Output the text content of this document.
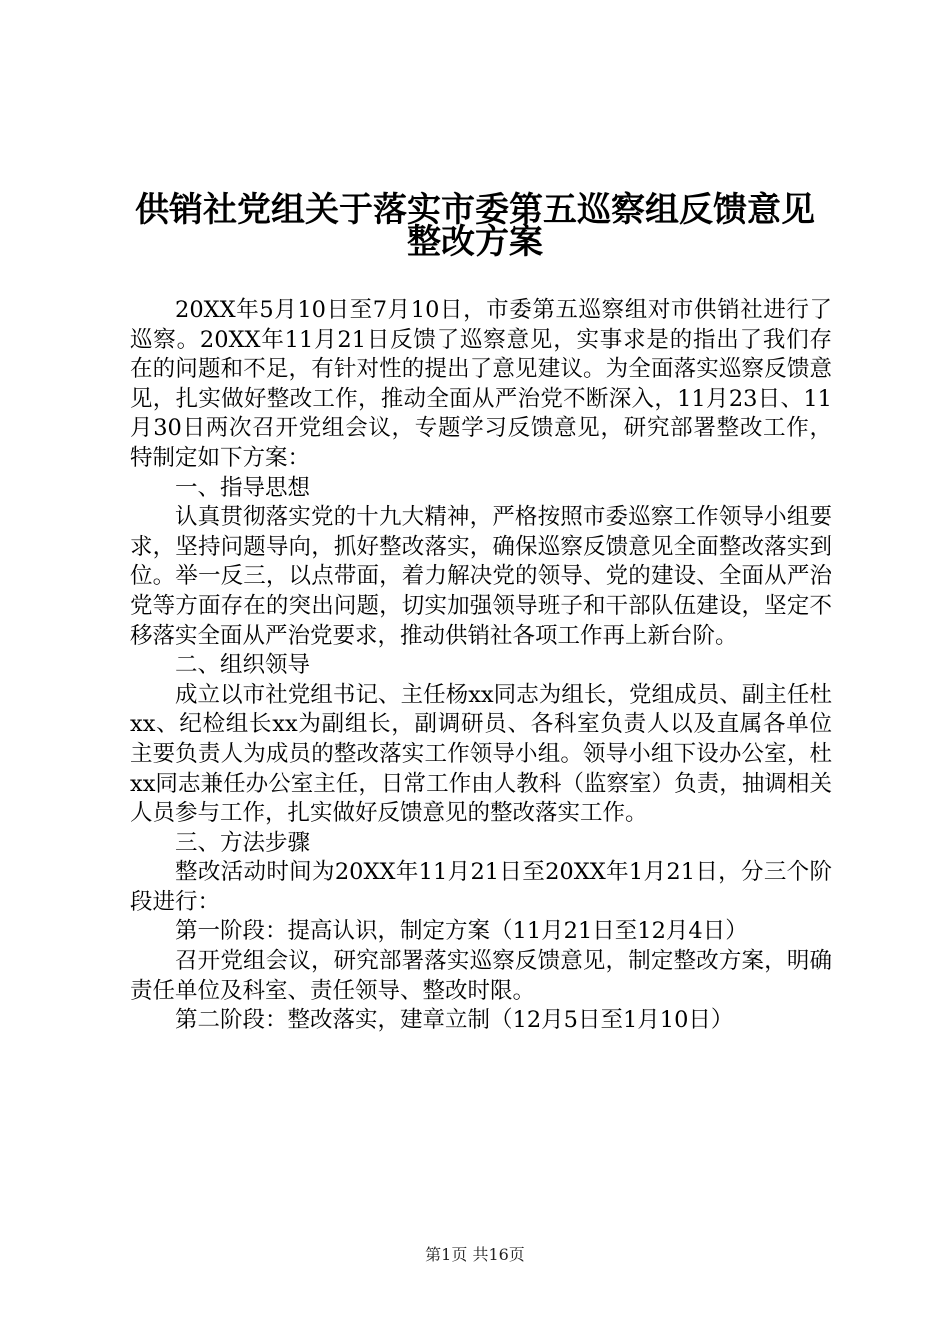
供销社党组关于落实市委第五巡察组反馈意见
整改方案

20XX年5月10日至7月10日，市委第五巡察组对市供销社进行了巡察。20XX年11月21日反馈了巡察意见，实事求是的指出了我们存在的问题和不足，有针对性的提出了意见建议。为全面落实巡察反馈意见，扎实做好整改工作，推动全面从严治党不断深入，11月23日、11月30日两次召开党组会议，专题学习反馈意见，研究部署整改工作，特制定如下方案：

一、指导思想

认真贯彻落实党的十九大精神，严格按照市委巡察工作领导小组要求，坚持问题导向，抓好整改落实，确保巡察反馈意见全面整改落实到位。举一反三，以点带面，着力解决党的领导、党的建设、全面从严治党等方面存在的突出问题，切实加强领导班子和干部队伍建设，坚定不移落实全面从严治党要求，推动供销社各项工作再上新台阶。

二、组织领导

成立以市社党组书记、主任杨xx同志为组长，党组成员、副主任杜xx、纪检组长xx为副组长，副调研员、各科室负责人以及直属各单位主要负责人为成员的整改落实工作领导小组。领导小组下设办公室，杜xx同志兼任办公室主任，日常工作由人教科（监察室）负责，抽调相关人员参与工作，扎实做好反馈意见的整改落实工作。

三、方法步骤

整改活动时间为20XX年11月21日至20XX年1月21日，分三个阶段进行：

第一阶段：提高认识，制定方案（11月21日至12月4日）

召开党组会议，研究部署落实巡察反馈意见，制定整改方案，明确责任单位及科室、责任领导、整改时限。

第二阶段：整改落实，建章立制（12月5日至1月10日）

第1页 共16页
